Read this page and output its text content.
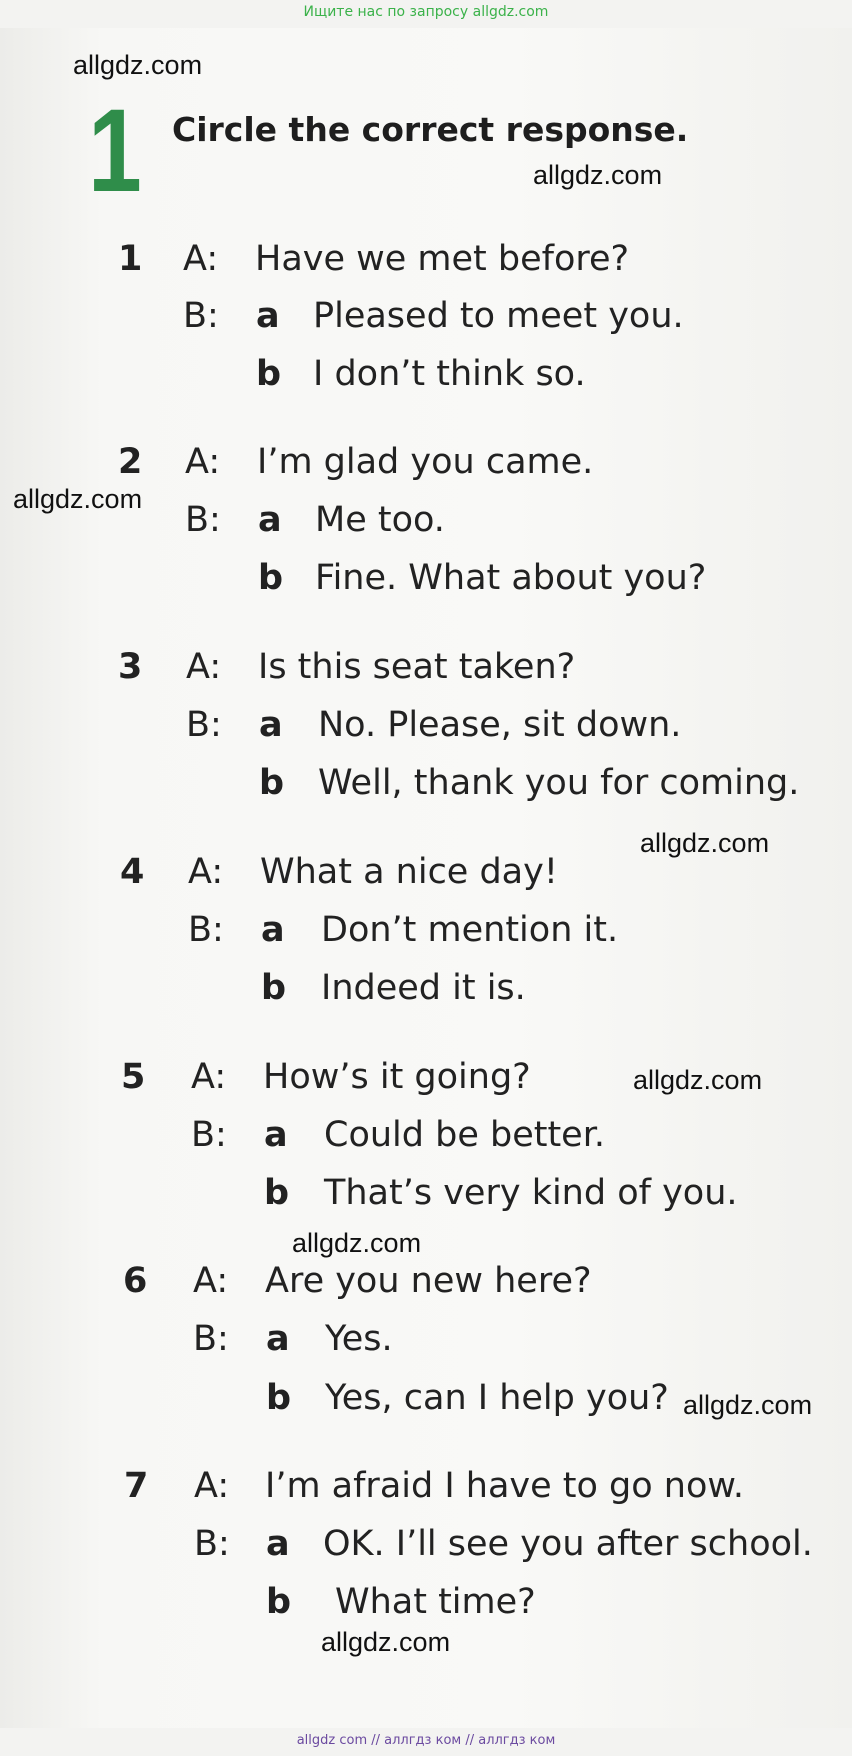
Ищите нас по запросу allgdz.com
allgdz.com
allgdz.com
allgdz.com
allgdz.com
allgdz.com
allgdz.com
allgdz.com
allgdz.com
1 Circle the correct response.
1 A: Have we met before?
B: a Pleased to meet you.
b I don’t think so.
2 A: I’m glad you came.
B: a Me too.
b Fine. What about you?
3 A: Is this seat taken?
B: a No. Please, sit down.
b Well, thank you for coming.
4 A: What a nice day!
B: a Don’t mention it.
b Indeed it is.
5 A: How’s it going?
B: a Could be better.
b That’s very kind of you.
6 A: Are you new here?
B: a Yes.
b Yes, can I help you?
7 A: I’m afraid I have to go now.
B: a OK. I’ll see you after school.
b What time?
allgdz com // аллгдз ком // аллгдз ком
